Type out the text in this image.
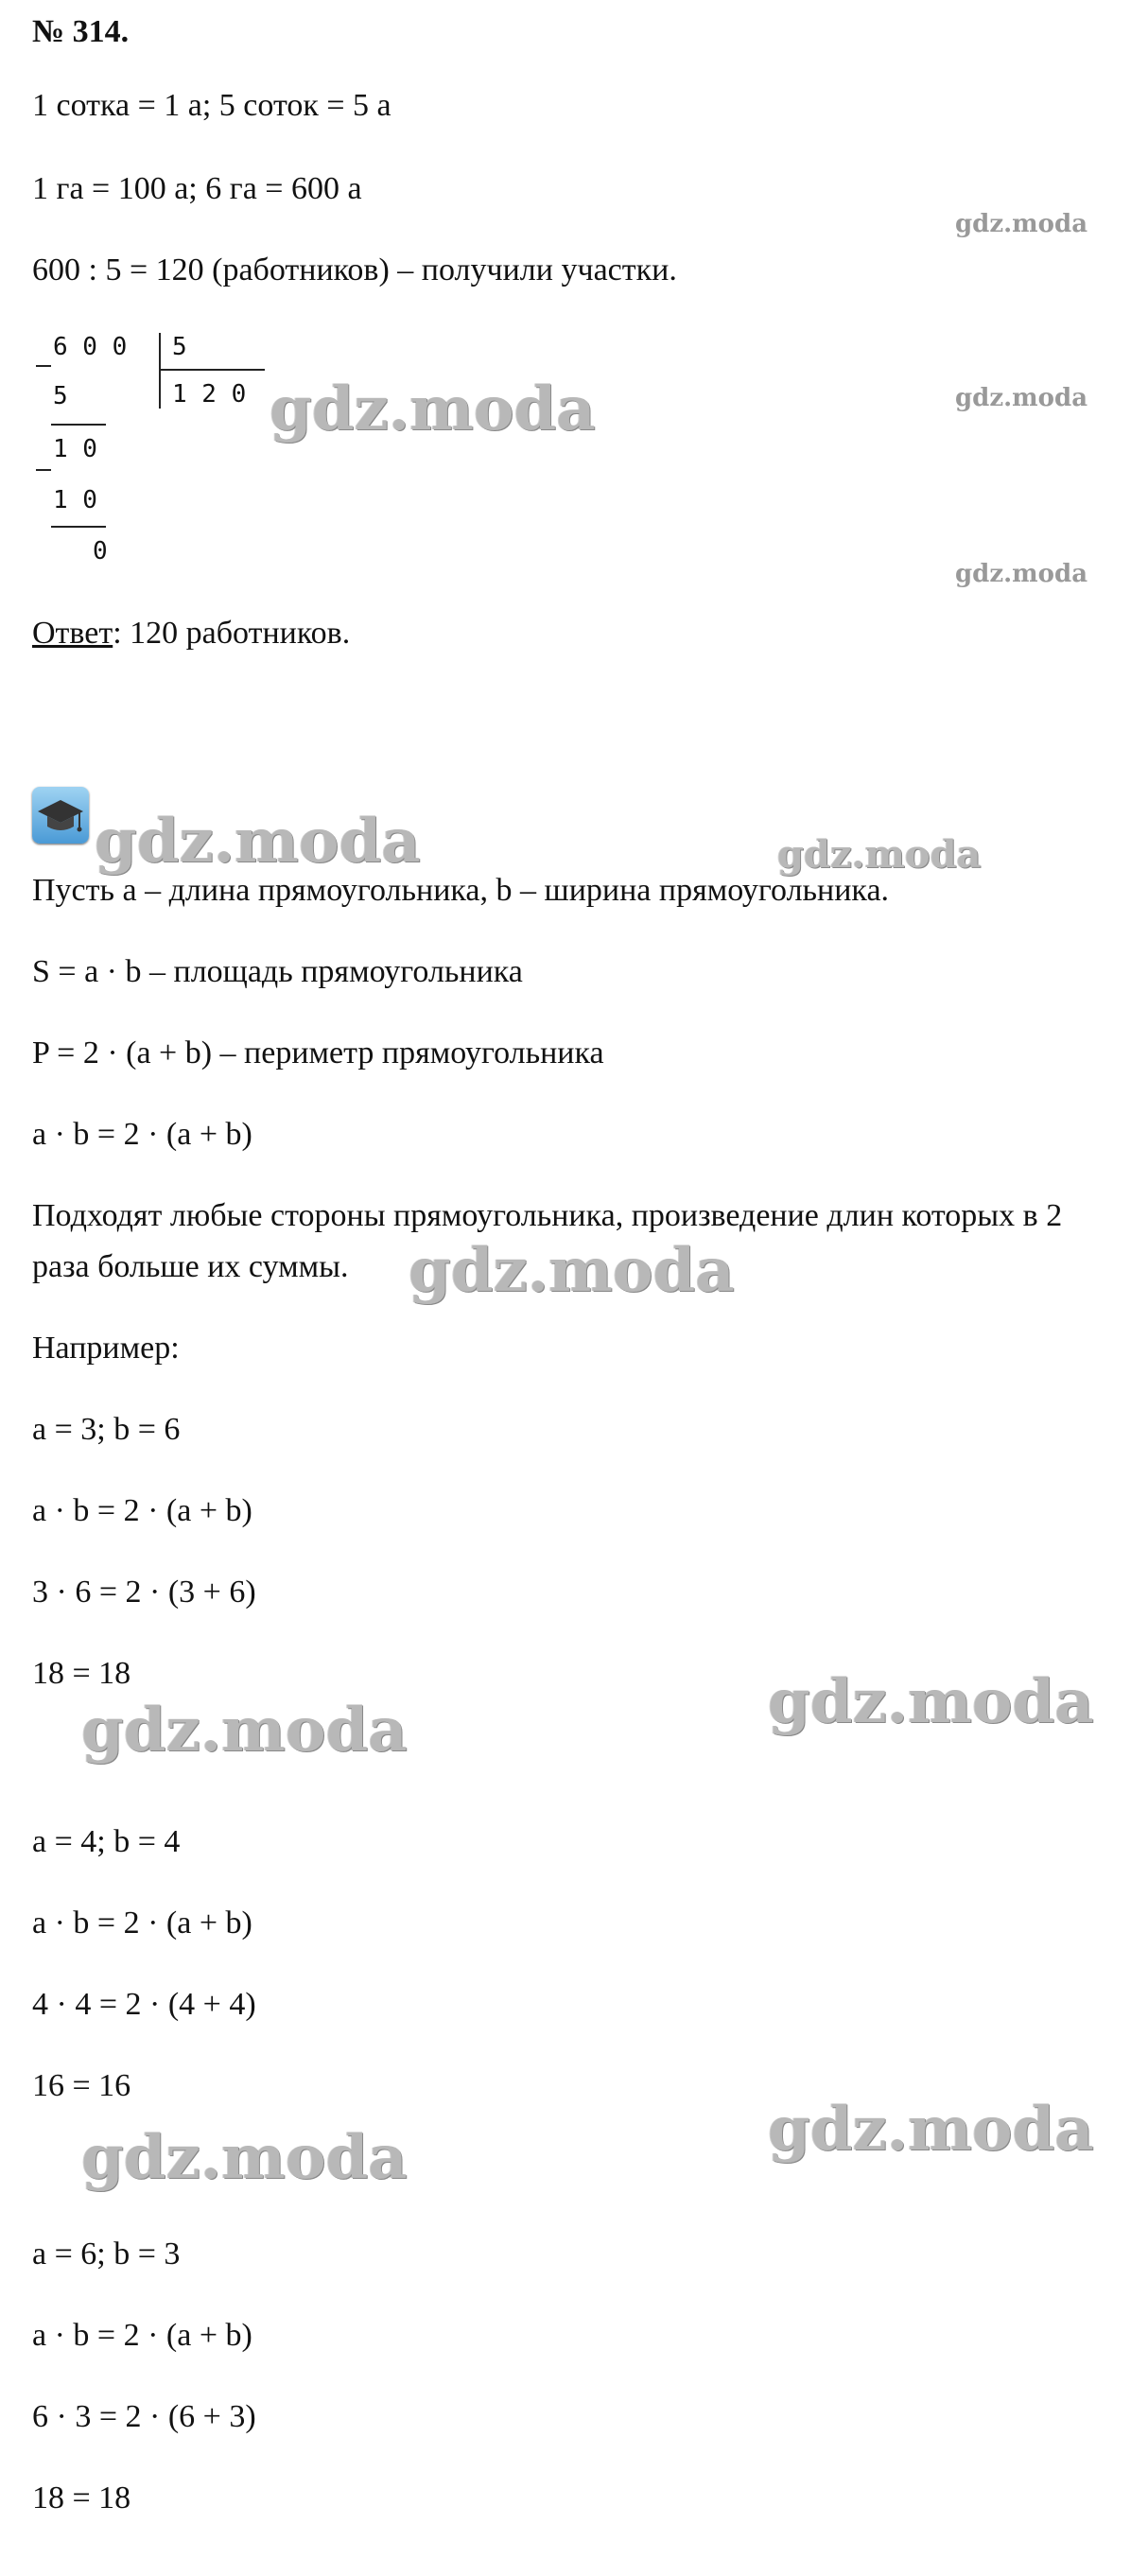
№ 314.

1 сотка = 1 а; 5 соток = 5 а

1 га = 100 а; 6 га = 600 а

600 : 5 = 120 (работников) – получили участки.

6 0 0 5
1 2 0
5
1 0
1 0
0

Ответ: 120 работников.

Пусть a – длина прямоугольника, b – ширина прямоугольника.

S = a · b – площадь прямоугольника

P = 2 · (a + b) – периметр прямоугольника

a · b = 2 · (a + b)

Подходят любые стороны прямоугольника, произведение длин которых в 2

раза больше их суммы.

Например:

a = 3; b = 6

a · b = 2 · (a + b)

3 · 6 = 2 · (3 + 6)

18 = 18

a = 4; b = 4

a · b = 2 · (a + b)

4 · 4 = 2 · (4 + 4)

16 = 16

a = 6; b = 3

a · b = 2 · (a + b)

6 · 3 = 2 · (6 + 3)

18 = 18

gdz.moda
gdz.moda
gdz.moda
gdz.moda
gdz.moda	gdz.moda
gdz.moda
gdz.moda
gdz.moda
gdz.moda
gdz.moda
